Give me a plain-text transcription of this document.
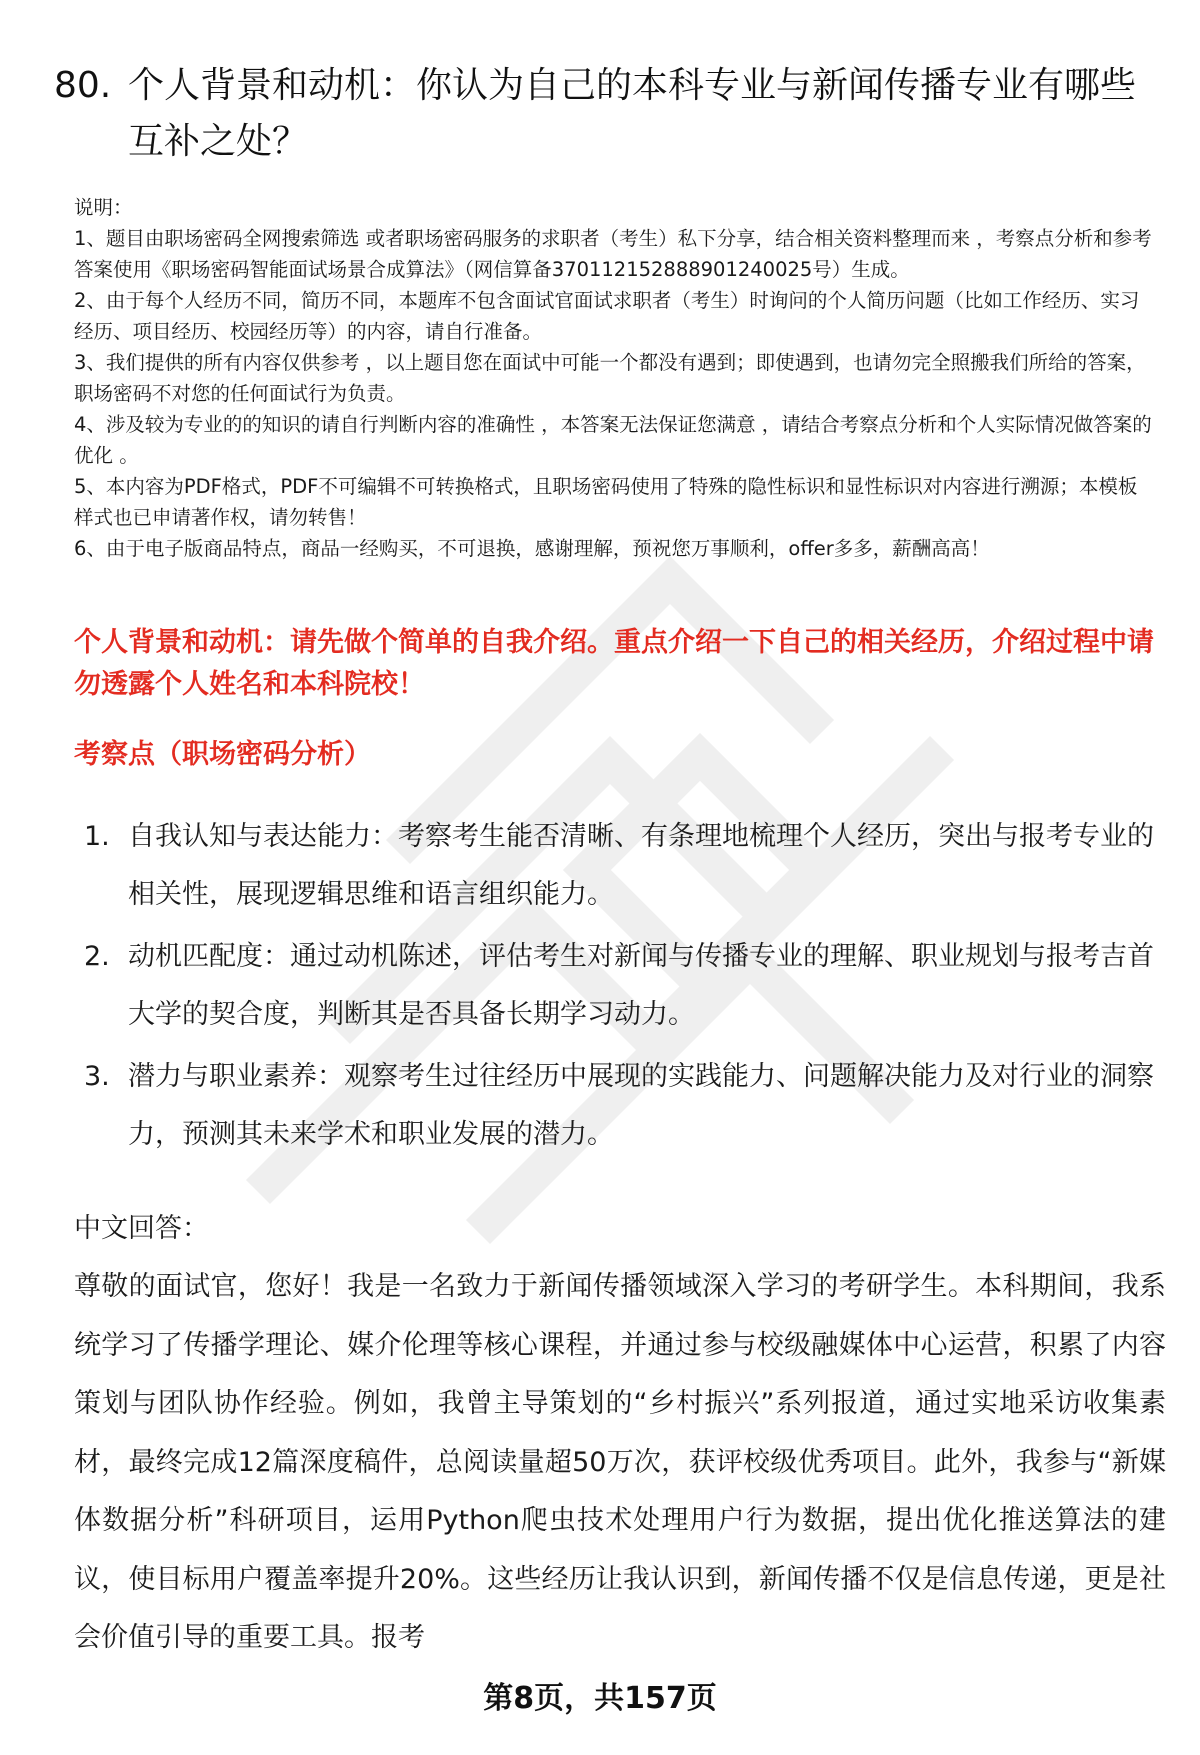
80. 个人背景和动机：你认为自己的本科专业与新闻传播专业有哪些互补之处？

说明：

1、题目由职场密码全网搜索筛选 或者职场密码服务的求职者（考生）私下分享，结合相关资料整理而来 ，考察点分析和参考答案使用《职场密码智能面试场景合成算法》（网信算备370112152888901240025号）生成。

2、由于每个人经历不同，简历不同，本题库不包含面试官面试求职者（考生）时询问的个人简历问题（比如工作经历、实习经历、项目经历、校园经历等）的内容，请自行准备。

3、我们提供的所有内容仅供参考 ，以上题目您在面试中可能一个都没有遇到；即使遇到，也请勿完全照搬我们所给的答案，职场密码不对您的任何面试行为负责。

4、涉及较为专业的的知识的请自行判断内容的准确性 ，本答案无法保证您满意 ，请结合考察点分析和个人实际情况做答案的优化 。

5、本内容为PDF格式，PDF不可编辑不可转换格式，且职场密码使用了特殊的隐性标识和显性标识对内容进行溯源；本模板样式也已申请著作权，请勿转售！

6、由于电子版商品特点，商品一经购买，不可退换，感谢理解，预祝您万事顺利，offer多多，薪酬高高！

个人背景和动机：请先做个简单的自我介绍。重点介绍一下自己的相关经历，介绍过程中请勿透露个人姓名和本科院校！
考察点（职场密码分析）
1. 自我认知与表达能力：考察考生能否清晰、有条理地梳理个人经历，突出与报考专业的相关性，展现逻辑思维和语言组织能力。
2. 动机匹配度：通过动机陈述，评估考生对新闻与传播专业的理解、职业规划与报考吉首大学的契合度，判断其是否具备长期学习动力。
3. 潜力与职业素养：观察考生过往经历中展现的实践能力、问题解决能力及对行业的洞察力，预测其未来学术和职业发展的潜力。
中文回答：
尊敬的面试官，您好！我是一名致力于新闻传播领域深入学习的考研学生。本科期间，我系统学习了传播学理论、媒介伦理等核心课程，并通过参与校级融媒体中心运营，积累了内容策划与团队协作经验。例如，我曾主导策划的“乡村振兴”系列报道，通过实地采访收集素材，最终完成12篇深度稿件，总阅读量超50万次，获评校级优秀项目。此外，我参与“新媒体数据分析”科研项目，运用Python爬虫技术处理用户行为数据，提出优化推送算法的建议，使目标用户覆盖率提升20%。这些经历让我认识到，新闻传播不仅是信息传递，更是社会价值引导的重要工具。报考
第8页，共157页
